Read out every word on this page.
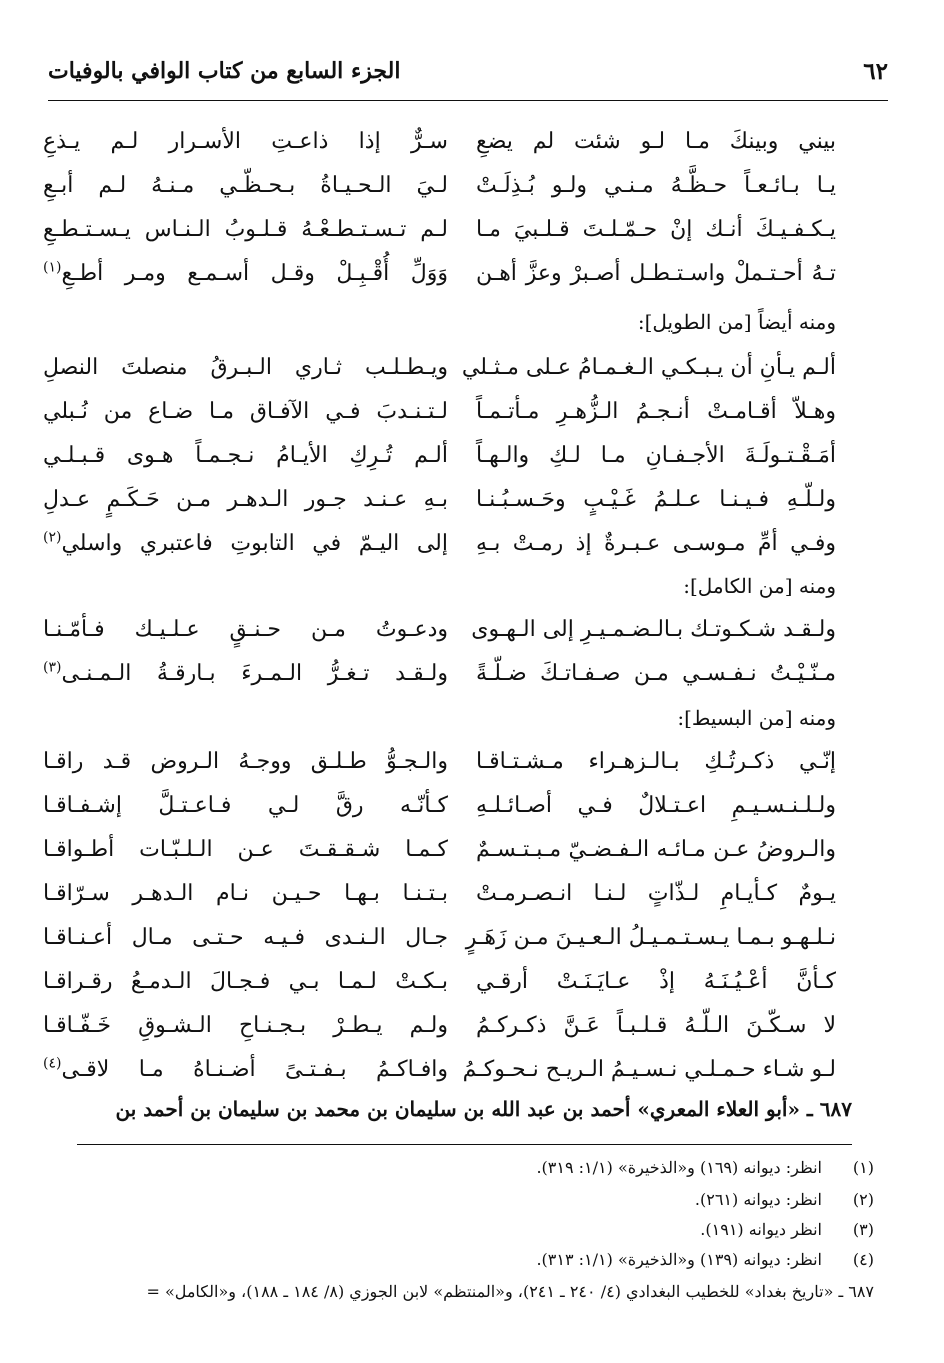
٦٢
الجزء السابع من كتاب الوافي بالوفيات
بيني وبينكَ مـا لـو شئت لم يضعِ
سـرٌّ إذا ذاعـتِ الأسـرار لـم يـذعِ
يـا بـائـعـاً حـظَّـهُ مـنـي ولـو بُـذِلَـتْ
لـيَ الـحـيـاةُ بـحـظّـي مـنـهُ لـم أبـعِ
يـكـفـيـكَ أنـك إنْ حـمّـلـتَ قـلـبيَ مـا
لـم تـسـتـطـعْـهُ قـلـوبُ الـنـاس يـسـتـطـعِ
تـهُ أحـتـملْ واسـتـطـل أصـبرْ وعزَّ أهـن
وَوَلِّ أُقْـبِـلْ وقـل أسـمـع ومـر أطـعِ$^{(١)}$
ومنه أيضاً [من الطويل]:
ألـم يـأنِ أن يـبـكـي الـغـمـامُ عـلى مـثـلي
ويـطـلـب ثـاري الـبـرقُ منصلتَ النصلِ
وهـلاّ أقـامـتْ أنـجـمُ الـزُّهـرِ مـأتـمـاً
لـتـنـدبَ فـي الآفـاق مـا ضـاع من نُـبلي
أمَـقْـتـولَـةَ الأجـفـانِ مـا لـكِ والـهـاً
ألـم تُـرِكِ الأيـامُ نـجـمـاً هـوى قـبـلـي
ولـلّـهِ فـيـنـا عـلـمُ غَـيْـبٍ وحَـسـبُـنـا
بـهِ عـنـد جـور الـدهـر مـن حَـكَـمٍ عـدلِ
وفـي أمِّ مـوسـى عـبـرةٌ إذ رمـتْ بـهِ
إلى اليـمّ في التابوتِ فاعتبري واسلي$^{(٢)}$
ومنه [من الكامل]:
ولـقـد شـكـوتـك بـالـضـمـيـرِ إلى الـهـوى
ودعـوتُ مـن حـنـقٍ عـلـيـك فـأمّـنـا
مـنّـيْـتُ نـفـسـي مـن صـفـاتـكَ ضـلّـةً
ولـقـد تـغـرُّ الـمـرءَ بـارقـةُ الـمـنـى$^{(٣)}$
ومنه [من البسيط]:
إنّـي ذكـرتُـكِ بـالـزهـراء مـشـتـاقـا
والـجـوُّ طـلـق ووجـهُ الـروض قـد راقـا
ولـلـنـسـيـمِ اعـتـلالٌ فـي أصـائـلـهِ
كـأنّـه رقَّ لـي فـاعـتـلَّ إشـفـاقـا
والـروضُ عـن مـائـه الـفـضـيّ مـبـتـسـمٌ
كـمـا شـقـقـتَ عـن الـلـبّـات أطـواقـا
يـومٌ كـأيـامِ لـذّاتٍ لـنـا انـصـرمـتْ
بـتـنـا بـهـا حـيـن نـام الـدهـر سـرّاقـا
نـلـهـو بـمـا يـسـتـمـيـلُ الـعـيـنَ مـن زَهَـرٍ
جـال الـنـدى فـيـه حـتـى مـال أعـنـاقـا
كـأنَّ أعْـيُـنَـهُ إذْ عـايَـنَـتْ أرقـي
بـكـتْ لـمـا بـي فـجـالَ الـدمـعُ رقـراقـا
لا سـكّـنَ الـلّـهُ قـلـبـاً عَـنَّ ذكـركـمُ
ولـم يـطـرْ بـجـنـاحِ الـشـوقِ خَـفّـاقـا
لـو شـاء حـمـلـي نـسـيـمُ الـريـح نـحـوكـمُ
وافـاكـمُ بـفـتـىً أضـنـاهُ مـا لاقـى$^{(٤)}$
٦٨٧ ـ «أبو العلاء المعري» أحمد بن عبد الله بن سليمان بن محمد بن سليمان بن أحمد بن
(١)انظر: ديوانه (١٦٩) و«الذخيرة» (١/١: ٣١٩).
(٢)انظر: ديوانه (٢٦١).
(٣)انظر ديوانه (١٩١).
(٤)انظر: ديوانه (١٣٩) و«الذخيرة» (١/١: ٣١٣).
٦٨٧ ـ «تاريخ بغداد» للخطيب البغدادي (٤/ ٢٤٠ ـ ٢٤١)، و«المنتظم» لابن الجوزي (٨/ ١٨٤ ـ ١٨٨)، و«الكامل» =
